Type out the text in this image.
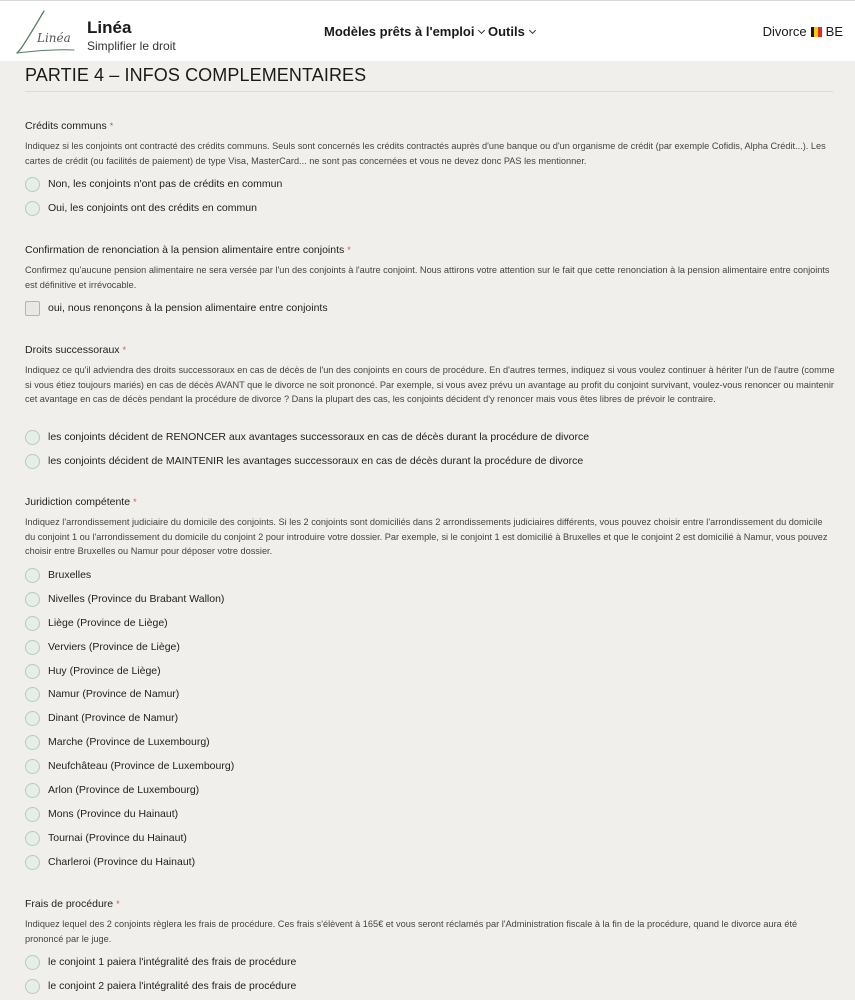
Linéa
Linéa
Simplifier le droit
Modèles prêts à l'emploi Outils	Divorce BE
PARTIE 4 – INFOS COMPLEMENTAIRES
Crédits communs *
Indiquez si les conjoints ont contracté des crédits communs. Seuls sont concernés les crédits contractés auprès d'une banque ou d'un organisme de crédit (par exemple Cofidis, Alpha Crédit...). Les cartes de crédit (ou facilités de paiement) de type Visa, MasterCard... ne sont pas concernées et vous ne devez donc PAS les mentionner.
Non, les conjoints n'ont pas de crédits en commun
Oui, les conjoints ont des crédits en commun
Confirmation de renonciation à la pension alimentaire entre conjoints *
Confirmez qu'aucune pension alimentaire ne sera versée par l'un des conjoints à l'autre conjoint. Nous attirons votre attention sur le fait que cette renonciation à la pension alimentaire entre conjoints est définitive et irrévocable.
oui, nous renonçons à la pension alimentaire entre conjoints
Droits successoraux *
Indiquez ce qu'il adviendra des droits successoraux en cas de décès de l'un des conjoints en cours de procédure. En d'autres termes, indiquez si vous voulez continuer à hériter l'un de l'autre (comme si vous étiez toujours mariés) en cas de décès AVANT que le divorce ne soit prononcé. Par exemple, si vous avez prévu un avantage au profit du conjoint survivant, voulez-vous renoncer ou maintenir cet avantage en cas de décès pendant la procédure de divorce ? Dans la plupart des cas, les conjoints décident d'y renoncer mais vous êtes libres de prévoir le contraire.
les conjoints décident de RENONCER aux avantages successoraux en cas de décès durant la procédure de divorce
les conjoints décident de MAINTENIR les avantages successoraux en cas de décès durant la procédure de divorce
Juridiction compétente *
Indiquez l'arrondissement judiciaire du domicile des conjoints. Si les 2 conjoints sont domiciliés dans 2 arrondissements judiciaires différents, vous pouvez choisir entre l'arrondissement du domicile du conjoint 1 ou l'arrondissement du domicile du conjoint 2 pour introduire votre dossier. Par exemple, si le conjoint 1 est domicilié à Bruxelles et que le conjoint 2 est domicilié à Namur, vous pouvez choisir entre Bruxelles ou Namur pour déposer votre dossier.
Bruxelles
Nivelles (Province du Brabant Wallon)
Liège (Province de Liège)
Verviers (Province de Liège)
Huy (Province de Liège)
Namur (Province de Namur)
Dinant (Province de Namur)
Marche (Province de Luxembourg)
Neufchâteau (Province de Luxembourg)
Arlon (Province de Luxembourg)
Mons (Province du Hainaut)
Tournai (Province du Hainaut)
Charleroi (Province du Hainaut)
Frais de procédure *
Indiquez lequel des 2 conjoints règlera les frais de procédure. Ces frais s'élèvent à 165€ et vous seront réclamés par l'Administration fiscale à la fin de la procédure, quand le divorce aura été prononcé par le juge.
le conjoint 1 paiera l'intégralité des frais de procédure
le conjoint 2 paiera l'intégralité des frais de procédure
